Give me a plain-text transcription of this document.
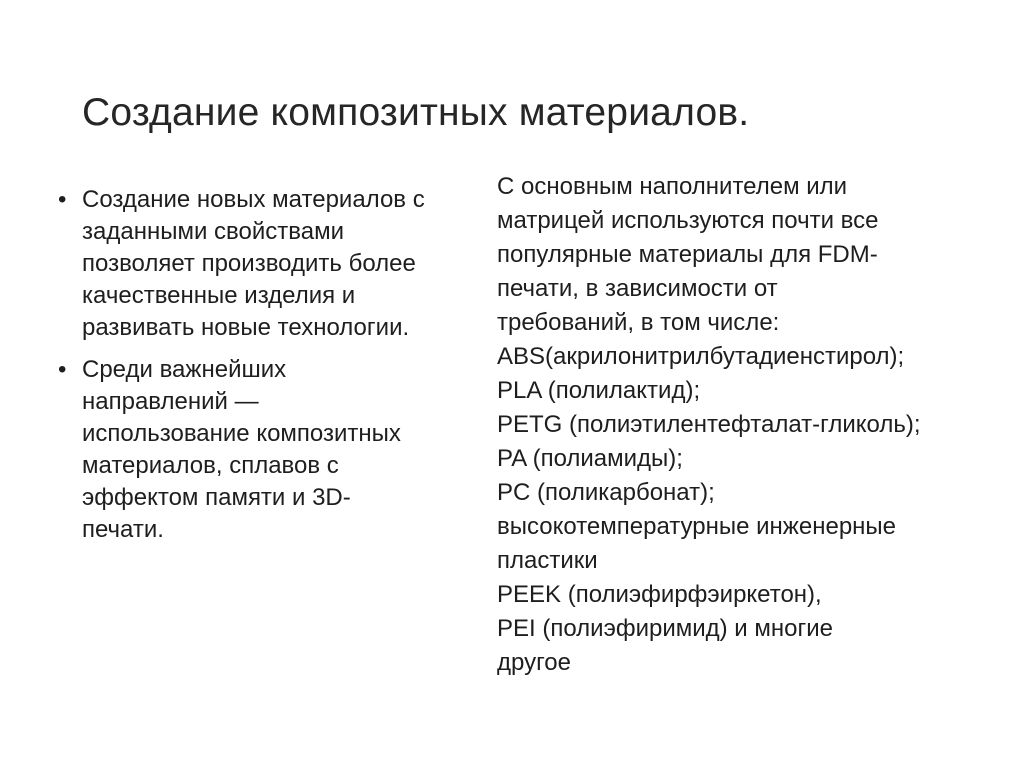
Создание композитных материалов.
• Создание новых материалов с
заданными свойствами
позволяет производить более
качественные изделия и
развивать новые технологии.
• Среди важнейших
направлений —
использование композитных
материалов, сплавов с
эффектом памяти и 3D-
печати.
С основным наполнителем или
матрицей используются почти все
популярные материалы для FDM-
печати, в зависимости от
требований, в том числе:
ABS(акрилонитрилбутадиенстирол);
PLA (полилактид);
PETG (полиэтилентефталат-гликоль);
PA (полиамиды);
PC (поликарбонат);
высокотемпературные инженерные
пластики
PEEK (полиэфирфэиркетон),
PEI (полиэфиримид) и многие
другое
